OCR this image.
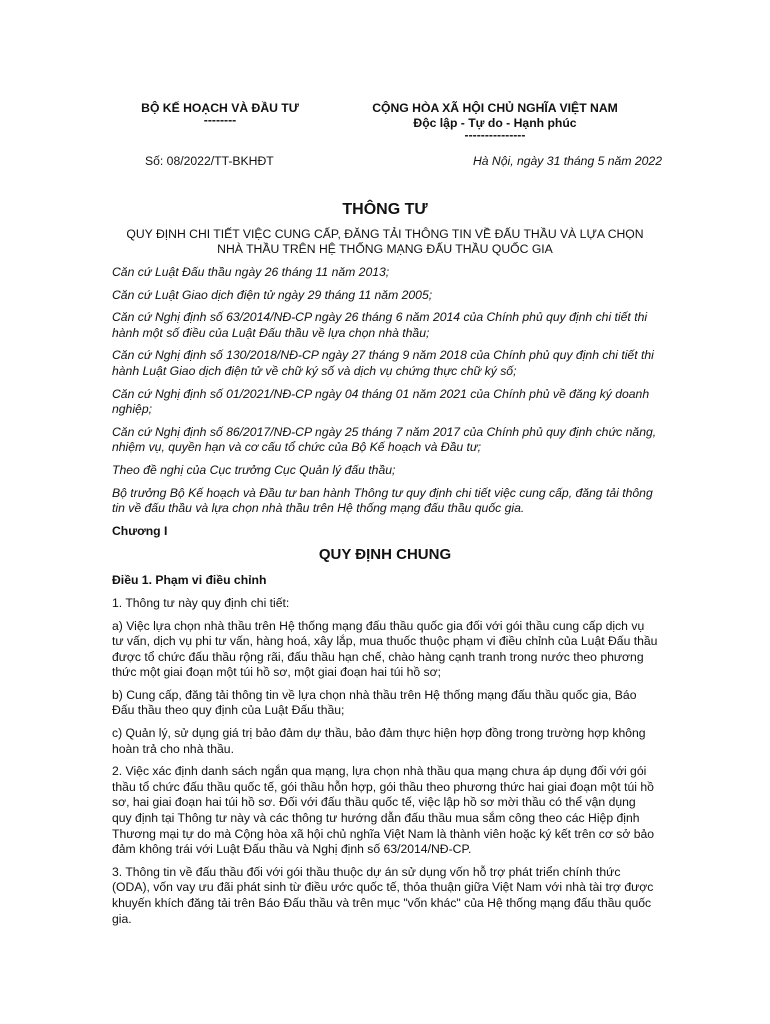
BỘ KẾ HOẠCH VÀ ĐẦU TƯ
--------
CỘNG HÒA XÃ HỘI CHỦ NGHĨA VIỆT NAM
Độc lập - Tự do - Hạnh phúc
---------------
Số: 08/2022/TT-BKHĐT	Hà Nội, ngày 31 tháng 5 năm 2022
THÔNG TƯ
QUY ĐỊNH CHI TIẾT VIỆC CUNG CẤP, ĐĂNG TẢI THÔNG TIN VỀ ĐẤU THẦU VÀ LỰA CHỌN NHÀ THẦU TRÊN HỆ THỐNG MẠNG ĐẤU THẦU QUỐC GIA

Căn cứ Luật Đấu thầu ngày 26 tháng 11 năm 2013;

Căn cứ Luật Giao dịch điện tử ngày 29 tháng 11 năm 2005;

Căn cứ Nghị định số 63/2014/NĐ-CP ngày 26 tháng 6 năm 2014 của Chính phủ quy định chi tiết thi hành một số điều của Luật Đấu thầu về lựa chọn nhà thầu;

Căn cứ Nghị định số 130/2018/NĐ-CP ngày 27 tháng 9 năm 2018 của Chính phủ quy định chi tiết thi hành Luật Giao dịch điện tử về chữ ký số và dịch vụ chứng thực chữ ký số;

Căn cứ Nghị định số 01/2021/NĐ-CP ngày 04 tháng 01 năm 2021 của Chính phủ về đăng ký doanh nghiệp;

Căn cứ Nghị định số 86/2017/NĐ-CP ngày 25 tháng 7 năm 2017 của Chính phủ quy định chức năng, nhiệm vụ, quyền hạn và cơ cấu tổ chức của Bộ Kế hoạch và Đầu tư;

Theo đề nghị của Cục trưởng Cục Quản lý đấu thầu;

Bộ trưởng Bộ Kế hoạch và Đầu tư ban hành Thông tư quy định chi tiết việc cung cấp, đăng tải thông tin về đấu thầu và lựa chọn nhà thầu trên Hệ thống mạng đấu thầu quốc gia.

Chương I

QUY ĐỊNH CHUNG

Điều 1. Phạm vi điều chỉnh

1. Thông tư này quy định chi tiết:

a) Việc lựa chọn nhà thầu trên Hệ thống mạng đấu thầu quốc gia đối với gói thầu cung cấp dịch vụ tư vấn, dịch vụ phi tư vấn, hàng hoá, xây lắp, mua thuốc thuộc phạm vi điều chỉnh của Luật Đấu thầu được tổ chức đấu thầu rộng rãi, đấu thầu hạn chế, chào hàng cạnh tranh trong nước theo phương thức một giai đoạn một túi hồ sơ, một giai đoạn hai túi hồ sơ;

b) Cung cấp, đăng tải thông tin về lựa chọn nhà thầu trên Hệ thống mạng đấu thầu quốc gia, Báo Đấu thầu theo quy định của Luật Đấu thầu;

c) Quản lý, sử dụng giá trị bảo đảm dự thầu, bảo đảm thực hiện hợp đồng trong trường hợp không hoàn trả cho nhà thầu.

2. Việc xác định danh sách ngắn qua mạng, lựa chọn nhà thầu qua mạng chưa áp dụng đối với gói thầu tổ chức đấu thầu quốc tế, gói thầu hỗn hợp, gói thầu theo phương thức hai giai đoạn một túi hồ sơ, hai giai đoạn hai túi hồ sơ. Đối với đấu thầu quốc tế, việc lập hồ sơ mời thầu có thể vận dụng quy định tại Thông tư này và các thông tư hướng dẫn đấu thầu mua sắm công theo các Hiệp định Thương mại tự do mà Cộng hòa xã hội chủ nghĩa Việt Nam là thành viên hoặc ký kết trên cơ sở bảo đảm không trái với Luật Đấu thầu và Nghị định số 63/2014/NĐ-CP.

3. Thông tin về đấu thầu đối với gói thầu thuộc dự án sử dụng vốn hỗ trợ phát triển chính thức (ODA), vốn vay ưu đãi phát sinh từ điều ước quốc tế, thỏa thuận giữa Việt Nam với nhà tài trợ được khuyến khích đăng tải trên Báo Đấu thầu và trên mục "vốn khác" của Hệ thống mạng đấu thầu quốc gia.
